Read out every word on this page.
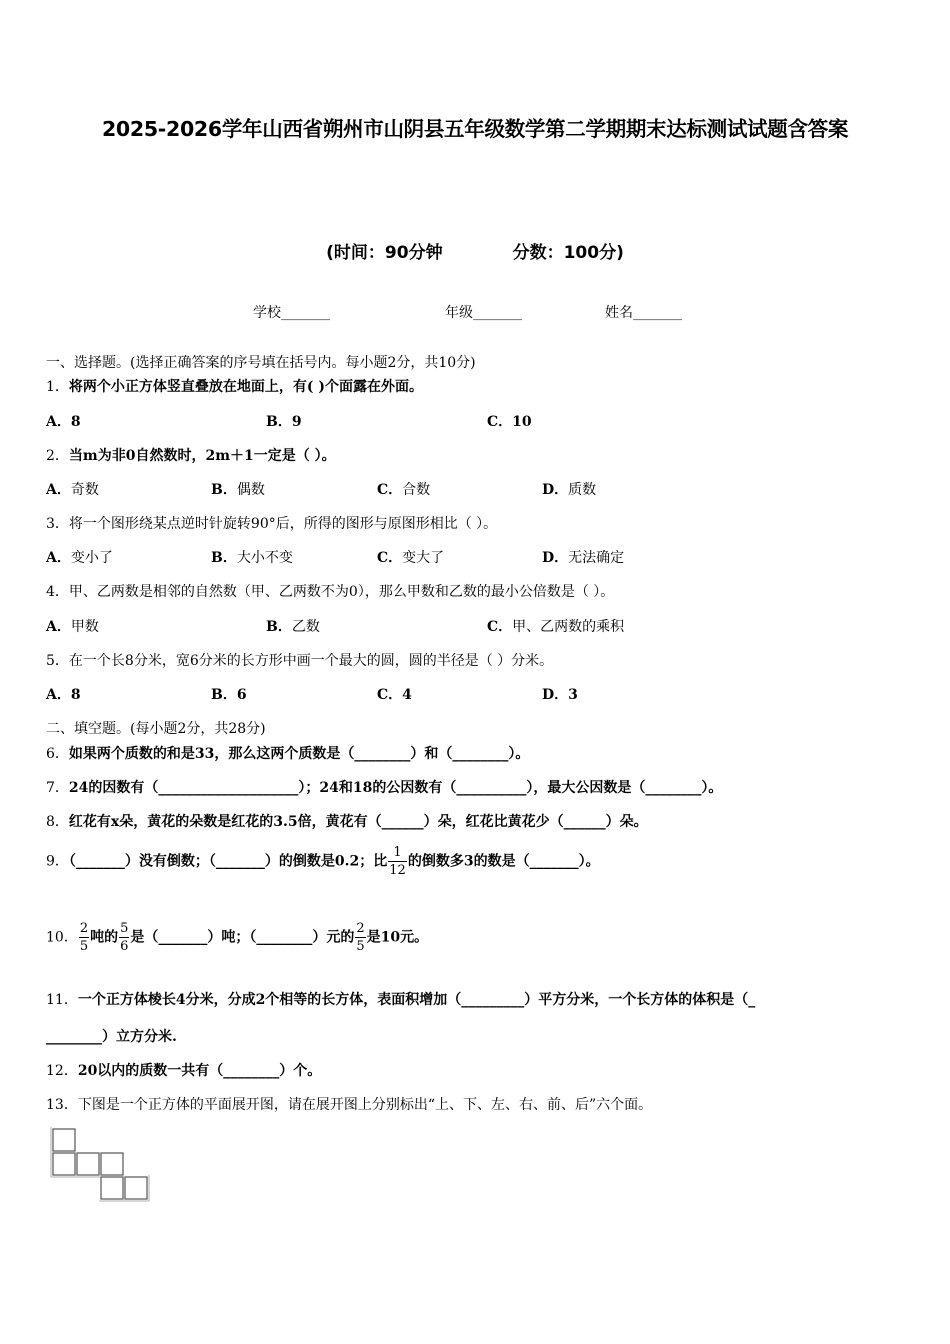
2025-2026学年山西省朔州市山阴县五年级数学第二学期期末达标测试试题含答案
(时间：90分钟	分数：100分)
学校_______	年级_______	姓名_______
一、选择题。(选择正确答案的序号填在括号内。每小题2分，共10分)
1．将两个小正方体竖直叠放在地面上，有( )个面露在外面。
A．8	B．9	C．10
2．当m为非0自然数时，2m＋1一定是（ ）。
A．奇数	B．偶数	C．合数	D．质数
3．将一个图形绕某点逆时针旋转90°后，所得的图形与原图形相比（ ）。
A．变小了	B．大小不变	C．变大了	D．无法确定
4．甲、乙两数是相邻的自然数（甲、乙两数不为0），那么甲数和乙数的最小公倍数是（ ）。
A．甲数	B．乙数	C．甲、乙两数的乘积
5．在一个长8分米，宽6分米的长方形中画一个最大的圆，圆的半径是（ ）分米。
A．8	B．6	C．4	D．3
二、填空题。(每小题2分，共28分)
6．如果两个质数的和是33，那么这两个质数是（________）和（________）。
7．24的因数有（____________________）；24和18的公因数有（__________），最大公因数是（________）。
8．红花有x朵，黄花的朵数是红花的3.5倍，黄花有（______）朵，红花比黄花少（______）朵。
9．（_______）没有倒数；（_______）的倒数是0.2；比 $\frac{1}{12}$ 的倒数多3的数是（_______）。
10． $\frac{2}{5}$ 吨的 $\frac{5}{6}$ 是（_______）吨；（________）元的 $\frac{2}{5}$ 是10元。
11．一个正方体棱长4分米，分成2个相等的长方体，表面积增加（_________）平方分米，一个长方体的体积是（_
________）立方分米.
12．20以内的质数一共有（________）个。
13．下图是一个正方体的平面展开图，请在展开图上分别标出“上、下、左、右、前、后”六个面。
